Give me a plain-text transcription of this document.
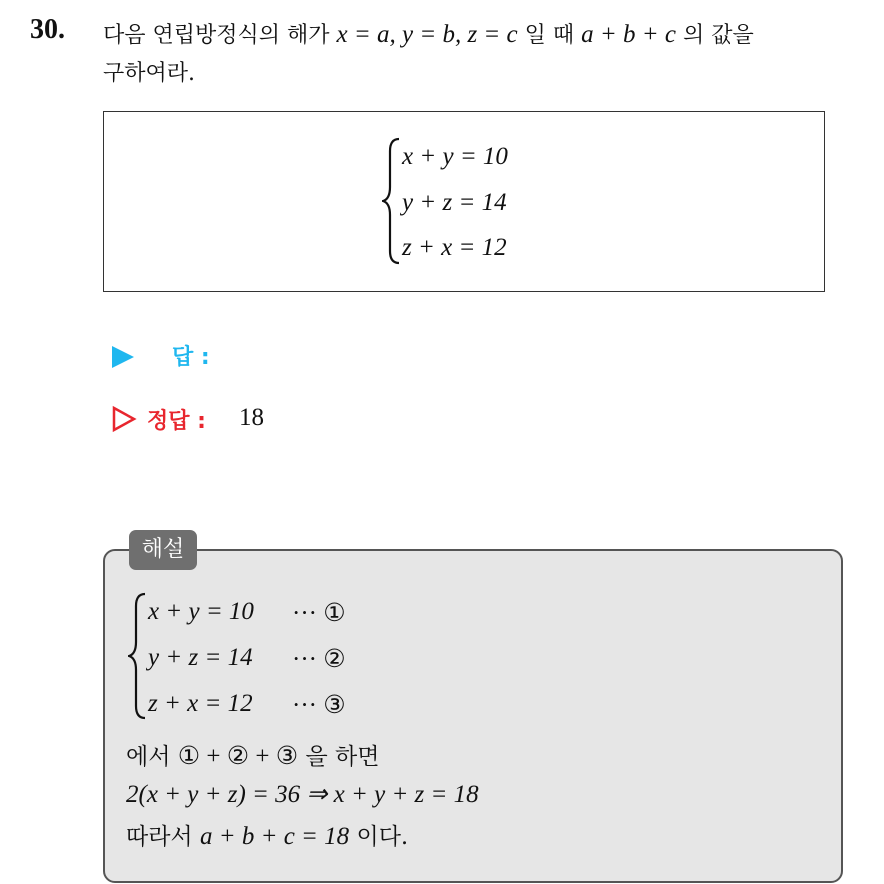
30. 다음 연립방정식의 해가 x = a, y = b, z = c 일 때 a + b + c 의 값을
구하여라.
x + y = 10
y + z = 14
z + x = 12
답 :
정답 : 18
해설
x + y = 10
y + z = 14
z + x = 12
··· ①
··· ②
··· ③
에서 ① + ② + ③ 을 하면
2(x + y + z) = 36 ⇒ x + y + z = 18
따라서 a + b + c = 18 이다.
